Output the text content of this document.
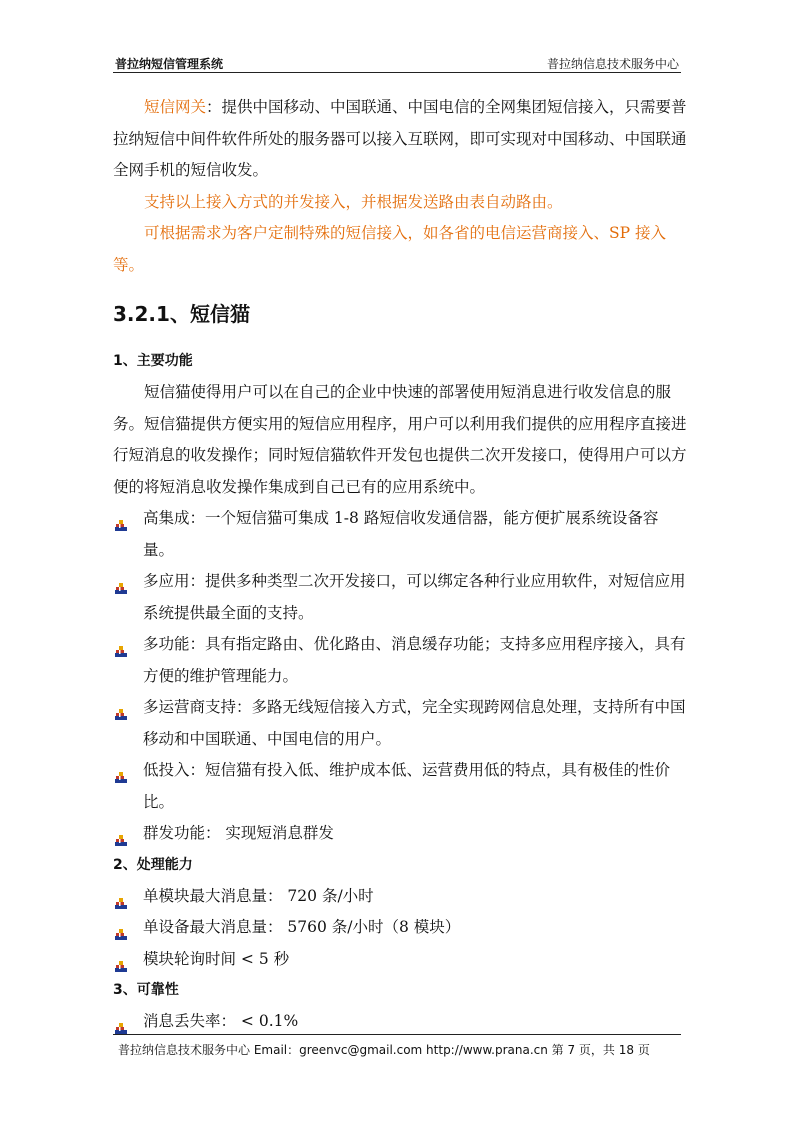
普拉纳短信管理系统	普拉纳信息技术服务中心

短信网关：提供中国移动、中国联通、中国电信的全网集团短信接入，只需要普拉纳短信中间件软件所处的服务器可以接入互联网，即可实现对中国移动、中国联通全网手机的短信收发。

支持以上接入方式的并发接入，并根据发送路由表自动路由。

可根据需求为客户定制特殊的短信接入，如各省的电信运营商接入、SP 接入等。

3.2.1、短信猫

1、主要功能

短信猫使得用户可以在自己的企业中快速的部署使用短消息进行收发信息的服务。短信猫提供方便实用的短信应用程序，用户可以利用我们提供的应用程序直接进行短消息的收发操作；同时短信猫软件开发包也提供二次开发接口，使得用户可以方便的将短消息收发操作集成到自己已有的应用系统中。

高集成：一个短信猫可集成 1-8 路短信收发通信器，能方便扩展系统设备容量。

多应用：提供多种类型二次开发接口，可以绑定各种行业应用软件，对短信应用系统提供最全面的支持。

多功能：具有指定路由、优化路由、消息缓存功能；支持多应用程序接入，具有方便的维护管理能力。

多运营商支持：多路无线短信接入方式，完全实现跨网信息处理，支持所有中国移动和中国联通、中国电信的用户。

低投入：短信猫有投入低、维护成本低、运营费用低的特点，具有极佳的性价比。

群发功能： 实现短消息群发

2、处理能力

单模块最大消息量： 720 条/小时

单设备最大消息量： 5760 条/小时（8 模块）

模块轮询时间 < 5 秒

3、可靠性

消息丢失率： < 0.1%

普拉纳信息技术服务中心 Email：greenvc@gmail.com http://www.prana.cn 第 7 页，共 18 页
